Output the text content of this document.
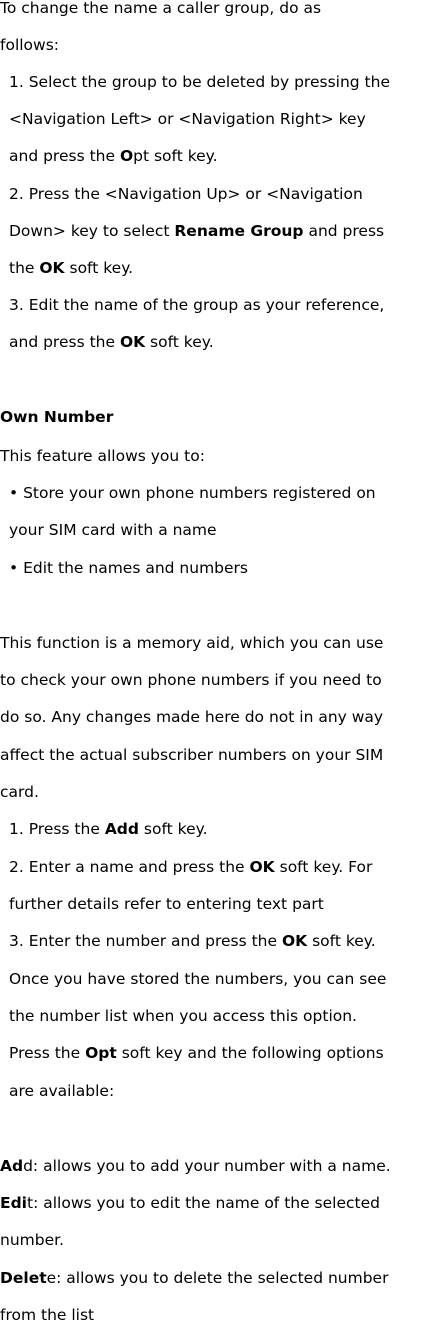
To change the name a caller group, do as
follows:
1. Select the group to be deleted by pressing the
<Navigation Left> or <Navigation Right> key
and press the Opt soft key.
2. Press the <Navigation Up> or <Navigation
Down> key to select Rename Group and press
the OK soft key.
3. Edit the name of the group as your reference,
and press the OK soft key.
Own Number
This feature allows you to:
• Store your own phone numbers registered on
your SIM card with a name
• Edit the names and numbers
This function is a memory aid, which you can use
to check your own phone numbers if you need to
do so. Any changes made here do not in any way
affect the actual subscriber numbers on your SIM
card.
1. Press the Add soft key.
2. Enter a name and press the OK soft key. For
further details refer to entering text part
3. Enter the number and press the OK soft key.
Once you have stored the numbers, you can see
the number list when you access this option.
Press the Opt soft key and the following options
are available:
Add: allows you to add your number with a name.
Edit: allows you to edit the name of the selected
number.
Delete: allows you to delete the selected number
from the list
